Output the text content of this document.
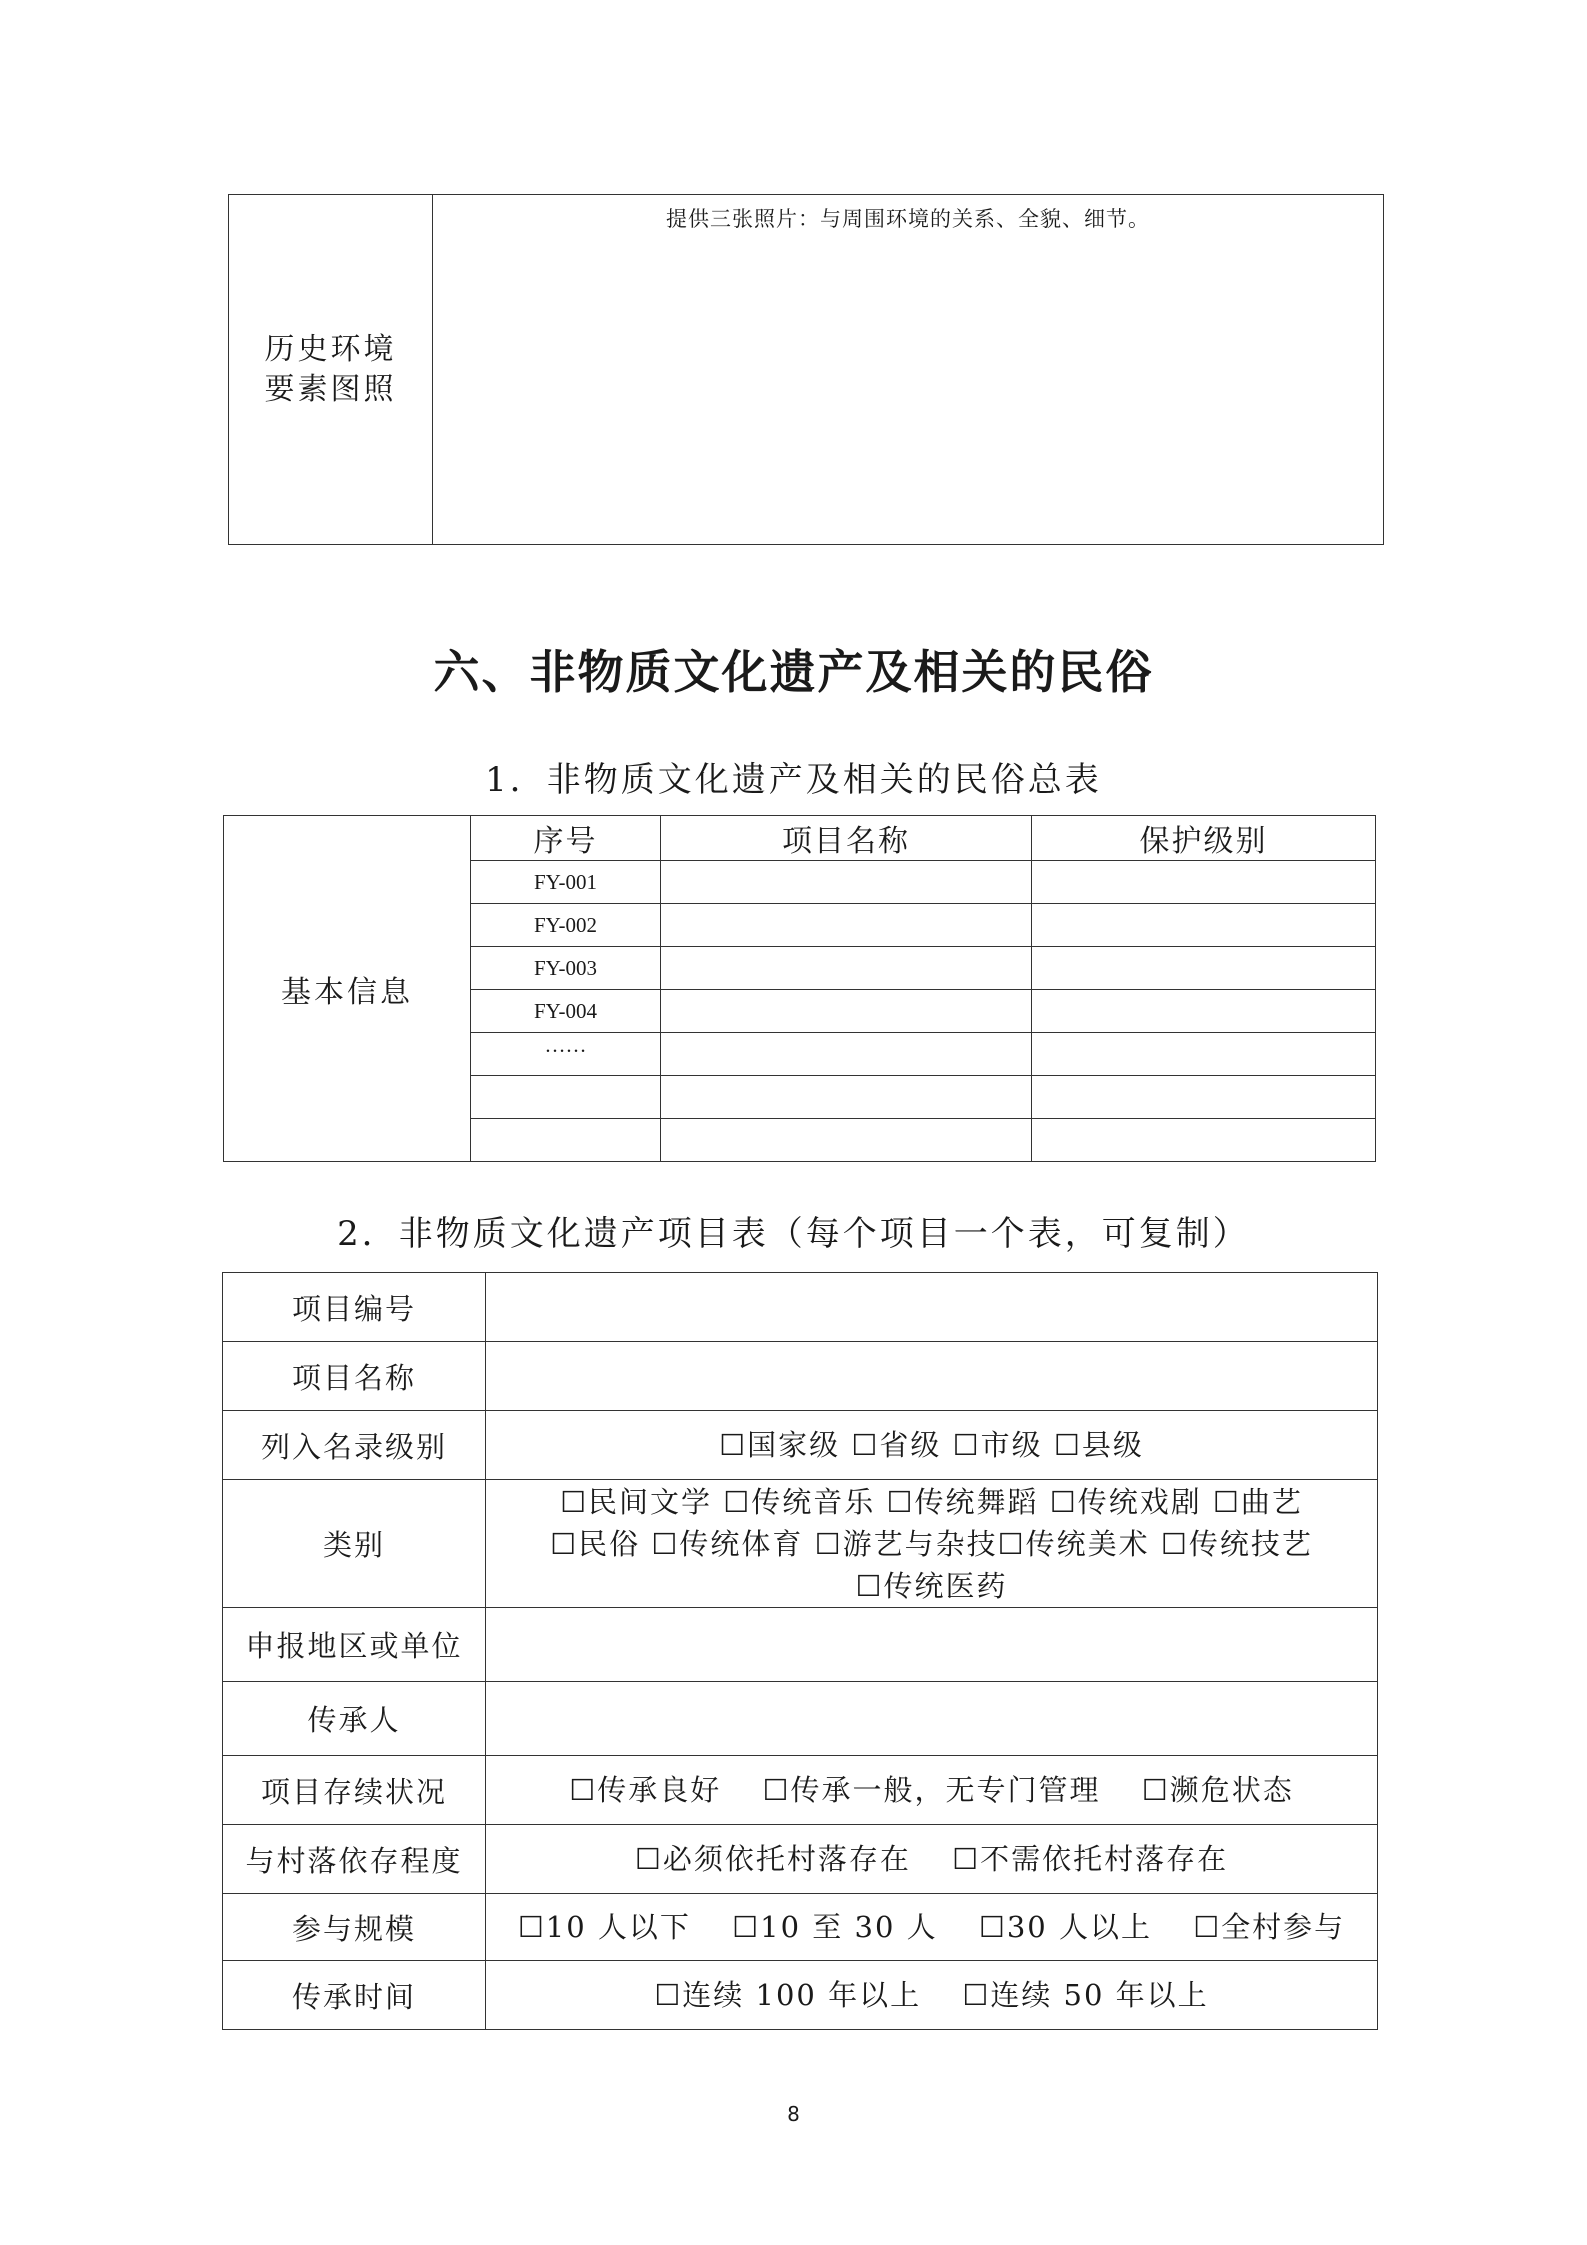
历史环境要素图照
	提供三张照片：与周围环境的关系、全貌、细节。
六、非物质文化遗产及相关的民俗
1．非物质文化遗产及相关的民俗总表
基本信息	序号	项目名称	保护级别
	FY-001		
	FY-002		
	FY-003		
	FY-004		
	……		

2．非物质文化遗产项目表（每个项目一个表，可复制）
项目编号	
项目名称	
列入名录级别	☐国家级 ☐省级 ☐市级 ☐县级
类别	☐民间文学 ☐传统音乐 ☐传统舞蹈 ☐传统戏剧 ☐曲艺
☐民俗 ☐传统体育 ☐游艺与杂技☐传统美术 ☐传统技艺
☐传统医药

申报地区或单位	
传承人	
项目存续状况	☐传承良好 ☐传承一般，无专门管理 ☐濒危状态
与村落依存程度	☐必须依托村落存在 ☐不需依托村落存在
参与规模	☐10 人以下 ☐10 至 30 人 ☐30 人以上 ☐全村参与
传承时间	☐连续 100 年以上 ☐连续 50 年以上
8
